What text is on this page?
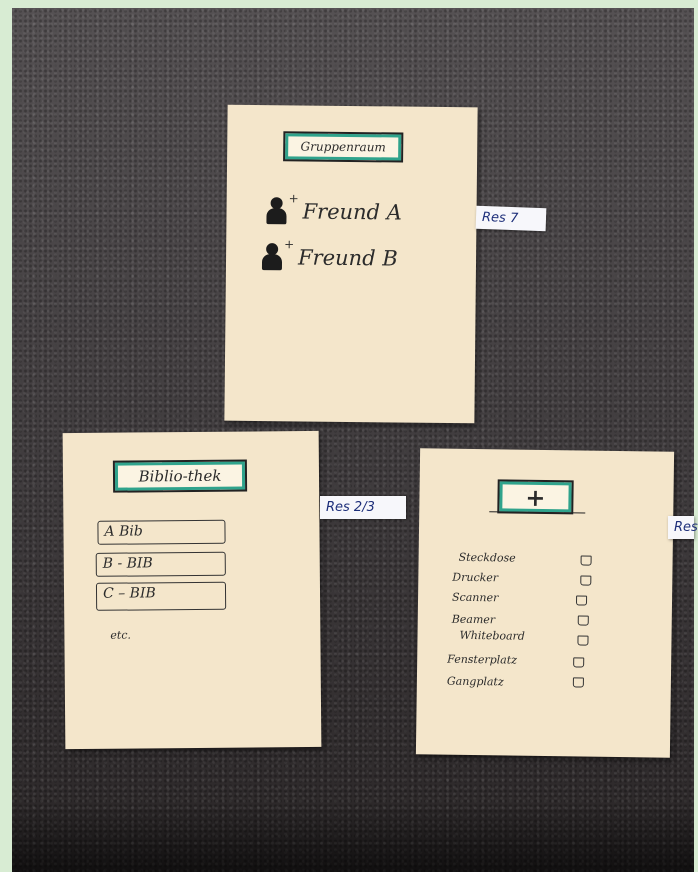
Gruppenraum
+
Freund A
+
Freund B
Res 7
Biblio-thek
A Bib
B - BIB
C – BIB
etc.
Res 2/3	+
Steckdose
Drucker
Scanner
Beamer
Whiteboard
Fensterplatz
Gangplatz
Res
